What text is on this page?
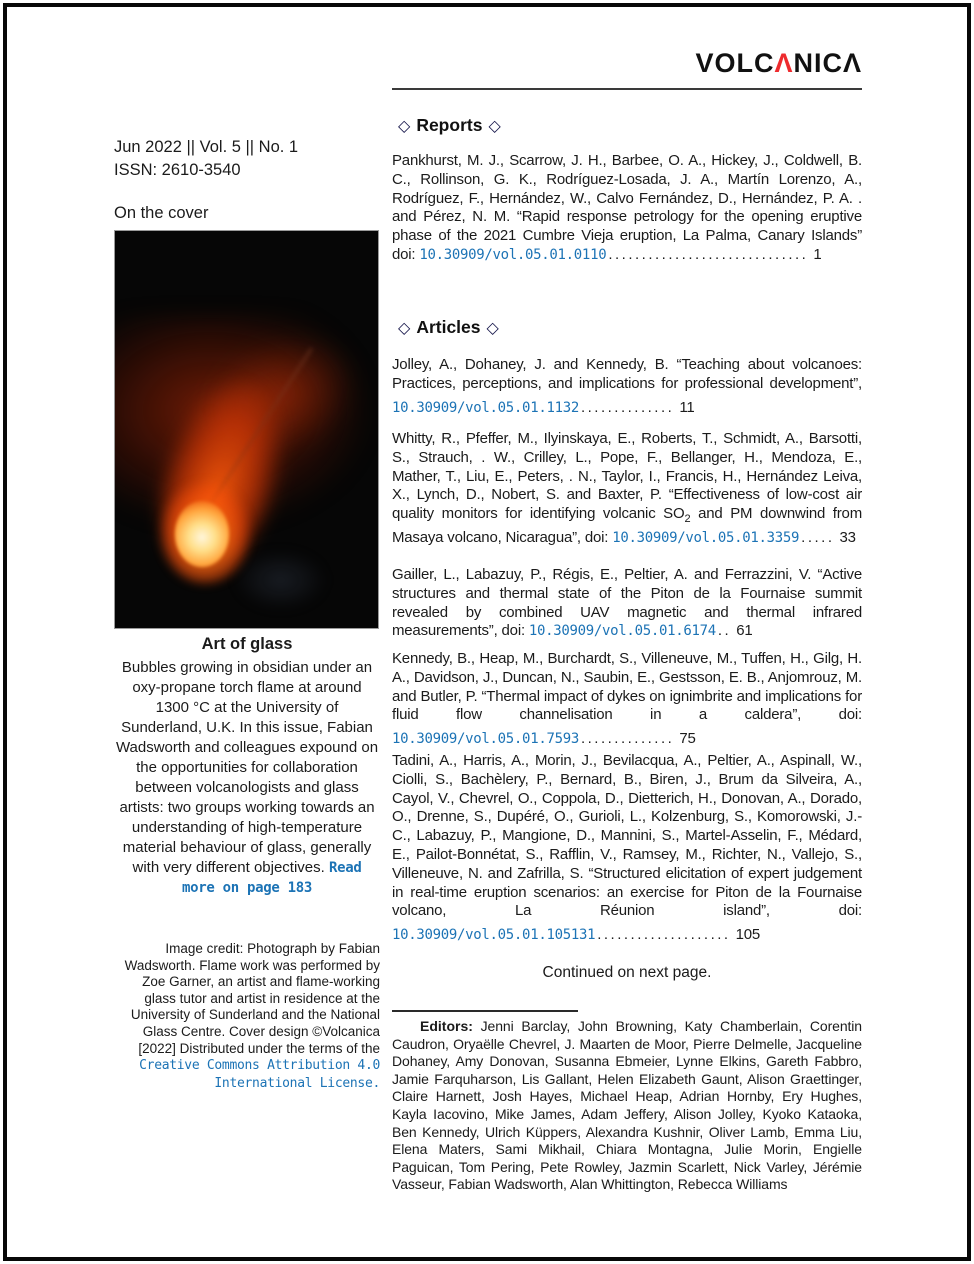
Jun 2022 || Vol. 5 || No. 1
ISSN: 2610-3540
On the cover
Art of glass
Bubbles growing in obsidian under an oxy-propane torch flame at around 1300 °C at the University of Sunderland, U.K. In this issue, Fabian Wadsworth and colleagues expound on the opportunities for collaboration between volcanologists and glass artists: two groups working towards an understanding of high-temperature material behaviour of glass, generally with very different objectives. Read more on page 183
Image credit: Photograph by Fabian Wadsworth. Flame work was performed by Zoe Garner, an artist and flame-working glass tutor and artist in residence at the University of Sunderland and the National Glass Centre. Cover design ©Volcanica [2022] Distributed under the terms of the Creative Commons Attribution 4.0 International License.
VOLCΛNICΛ
◇ Reports ◇

Pankhurst, M. J., Scarrow, J. H., Barbee, O. A., Hickey, J., Coldwell, B. C., Rollinson, G. K., Rodríguez-Losada, J. A., Martín Lorenzo, A., Rodríguez, F., Hernández, W., Calvo Fernández, D., Hernández, P. A. . and Pérez, N. M. “Rapid response petrology for the opening eruptive phase of the 2021 Cumbre Vieja eruption, La Palma, Canary Islands” doi: 10.30909/vol.05.01.0110 .............................. 1

◇ Articles ◇

Jolley, A., Dohaney, J. and Kennedy, B. “Teaching about volcanoes: Practices, perceptions, and implications for professional development”, 10.30909/vol.05.01.1132 .............. 11

Whitty, R., Pfeffer, M., Ilyinskaya, E., Roberts, T., Schmidt, A., Barsotti, S., Strauch, . W., Crilley, L., Pope, F., Bellanger, H., Mendoza, E., Mather, T., Liu, E., Peters, . N., Taylor, I., Francis, H., Hernández Leiva, X., Lynch, D., Nobert, S. and Baxter, P. “Effectiveness of low-cost air quality monitors for identifying volcanic $SO_2$ and PM downwind from Masaya volcano, Nicaragua”, doi: 10.30909/vol.05.01.3359 ..... 33

Gailler, L., Labazuy, P., Régis, E., Peltier, A. and Ferrazzini, V. “Active structures and thermal state of the Piton de la Fournaise summit revealed by combined UAV magnetic and thermal infrared measurements”, doi: 10.30909/vol.05.01.6174 .. 61

Kennedy, B., Heap, M., Burchardt, S., Villeneuve, M., Tuffen, H., Gilg, H. A., Davidson, J., Duncan, N., Saubin, E., Gestsson, E. B., Anjomrouz, M. and Butler, P. “Thermal impact of dykes on ignimbrite and implications for fluid flow channelisation in a caldera”, doi: 10.30909/vol.05.01.7593 .............. 75

Tadini, A., Harris, A., Morin, J., Bevilacqua, A., Peltier, A., Aspinall, W., Ciolli, S., Bachèlery, P., Bernard, B., Biren, J., Brum da Silveira, A., Cayol, V., Chevrel, O., Coppola, D., Dietterich, H., Donovan, A., Dorado, O., Drenne, S., Dupéré, O., Gurioli, L., Kolzenburg, S., Komorowski, J.-C., Labazuy, P., Mangione, D., Mannini, S., Martel-Asselin, F., Médard, E., Pailot-Bonnétat, S., Rafflin, V., Ramsey, M., Richter, N., Vallejo, S., Villeneuve, N. and Zafrilla, S. “Structured elicitation of expert judgement in real-time eruption scenarios: an exercise for Piton de la Fournaise volcano, La Réunion island”, doi: 10.30909/vol.05.01.105131 .................... 105

Continued on next page.

Editors: Jenni Barclay, John Browning, Katy Chamberlain, Corentin Caudron, Oryaëlle Chevrel, J. Maarten de Moor, Pierre Delmelle, Jacqueline Dohaney, Amy Donovan, Susanna Ebmeier, Lynne Elkins, Gareth Fabbro, Jamie Farquharson, Lis Gallant, Helen Elizabeth Gaunt, Alison Graettinger, Claire Harnett, Josh Hayes, Michael Heap, Adrian Hornby, Ery Hughes, Kayla Iacovino, Mike James, Adam Jeffery, Alison Jolley, Kyoko Kataoka, Ben Kennedy, Ulrich Küppers, Alexandra Kushnir, Oliver Lamb, Emma Liu, Elena Maters, Sami Mikhail, Chiara Montagna, Julie Morin, Engielle Paguican, Tom Pering, Pete Rowley, Jazmin Scarlett, Nick Varley, Jérémie Vasseur, Fabian Wadsworth, Alan Whittington, Rebecca Williams
